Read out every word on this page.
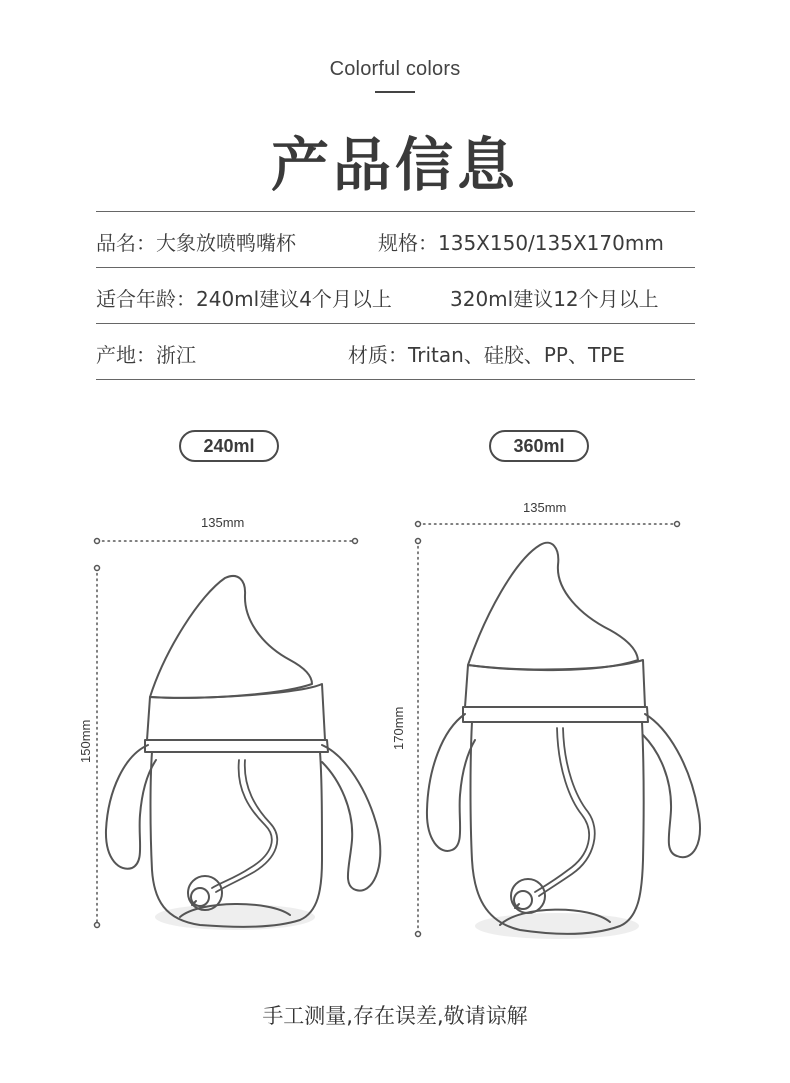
Colorful colors
产品信息
品名：大象放喷鸭嘴杯	规格：135X150/135X170mm
适合年龄：240ml建议4个月以上	320ml建议12个月以上
产地：浙江	材质：Tritan、硅胶、PP、TPE
240ml	360ml
135mm
150mm
135mm
170mm
手工测量,存在误差,敬请谅解
